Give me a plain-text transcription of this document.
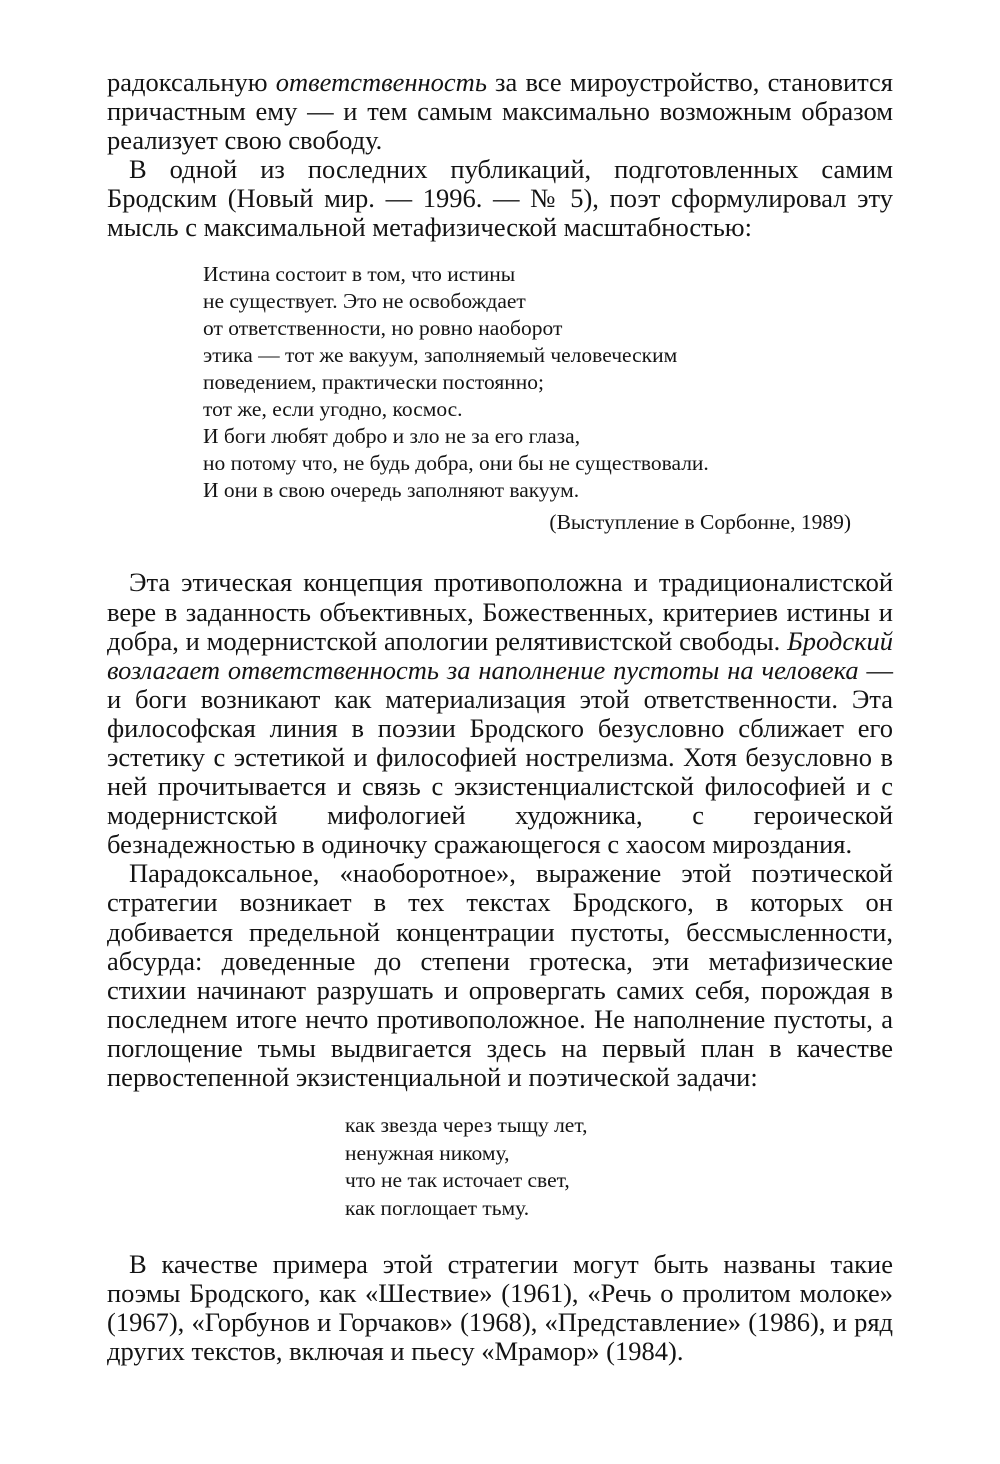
радоксальную ответственность за все мироустройство, становится причастным ему — и тем самым максимально возможным образом реализует свою свободу.

В одной из последних публикаций, подготовленных самим Бродским (Новый мир. — 1996. — № 5), поэт сформулировал эту мысль с максимальной метафизической масштабностью:

Истина состоит в том, что истины
не существует. Это не освобождает
от ответственности, но ровно наоборот
этика — тот же вакуум, заполняемый человеческим
поведением, практически постоянно;
тот же, если угодно, космос.
И боги любят добро и зло не за его глаза,
но потому что, не будь добра, они бы не существовали.
И они в свою очередь заполняют вакуум.
(Выступление в Сорбонне, 1989)

Эта этическая концепция противоположна и традиционалистской вере в заданность объективных, Божественных, критериев истины и добра, и модернистской апологии релятивистской свободы. Бродский возлагает ответственность за наполнение пустоты на человека — и боги возникают как материализация этой ответственности. Эта философская линия в поэзии Бродского безусловно сближает его эстетику с эстетикой и философией нострелизма. Хотя безусловно в ней прочитывается и связь с экзистенциалистской философией и с модернистской мифологией художника, с героической безнадежностью в одиночку сражающегося с хаосом мироздания.

Парадоксальное, «наоборотное», выражение этой поэтической стратегии возникает в тех текстах Бродского, в которых он добивается предельной концентрации пустоты, бессмысленности, абсурда: доведенные до степени гротеска, эти метафизические стихии начинают разрушать и опровергать самих себя, порождая в последнем итоге нечто противоположное. Не наполнение пустоты, а поглощение тьмы выдвигается здесь на первый план в качестве первостепенной экзистенциальной и поэтической задачи:

как звезда через тыщу лет,
ненужная никому,
что не так источает свет,
как поглощает тьму.

В качестве примера этой стратегии могут быть названы такие поэмы Бродского, как «Шествие» (1961), «Речь о пролитом молоке» (1967), «Горбунов и Горчаков» (1968), «Представление» (1986), и ряд других текстов, включая и пьесу «Мрамор» (1984).
